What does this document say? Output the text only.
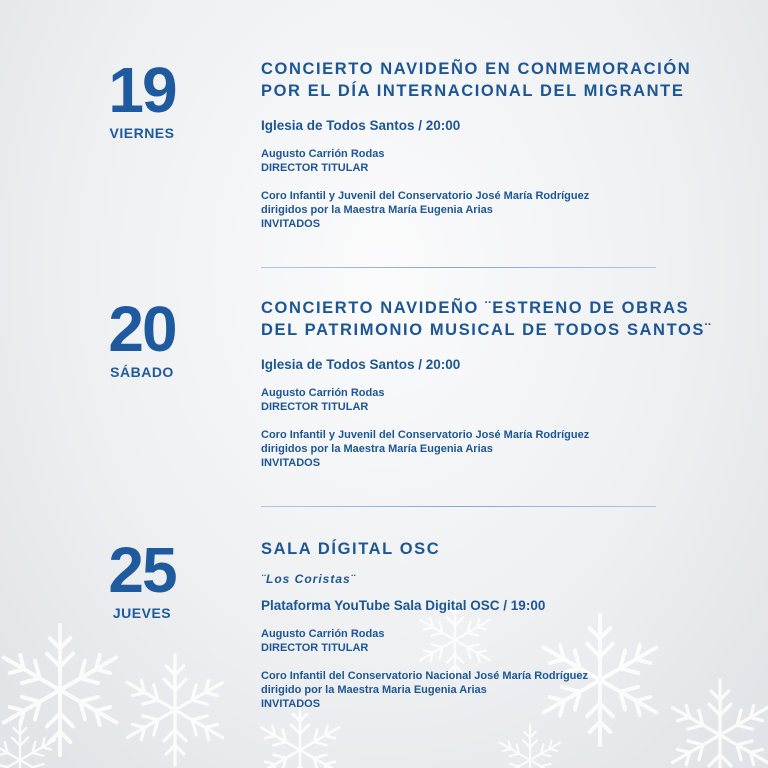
19
VIERNES
CONCIERTO NAVIDEÑO EN CONMEMORACIÓN
POR EL DÍA INTERNACIONAL DEL MIGRANTE
Iglesia de Todos Santos / 20:00
Augusto Carrión Rodas
DIRECTOR TITULAR
Coro Infantil y Juvenil del Conservatorio José María Rodríguez
dirigidos por la Maestra María Eugenia Arias
INVITADOS
20
SÁBADO
CONCIERTO NAVIDEÑO ¨ESTRENO DE OBRAS
DEL PATRIMONIO MUSICAL DE TODOS SANTOS¨
Iglesia de Todos Santos / 20:00
Augusto Carrión Rodas
DIRECTOR TITULAR
Coro Infantil y Juvenil del Conservatorio José María Rodríguez
dirigidos por la Maestra María Eugenia Arias
INVITADOS
25
JUEVES
SALA DÍGITAL OSC
¨Los Coristas¨
Plataforma YouTube Sala Digital OSC / 19:00
Augusto Carrión Rodas
DIRECTOR TITULAR
Coro Infantil del Conservatorio Nacional José María Rodríguez
dirigido por la Maestra Maria Eugenia Arias
INVITADOS
